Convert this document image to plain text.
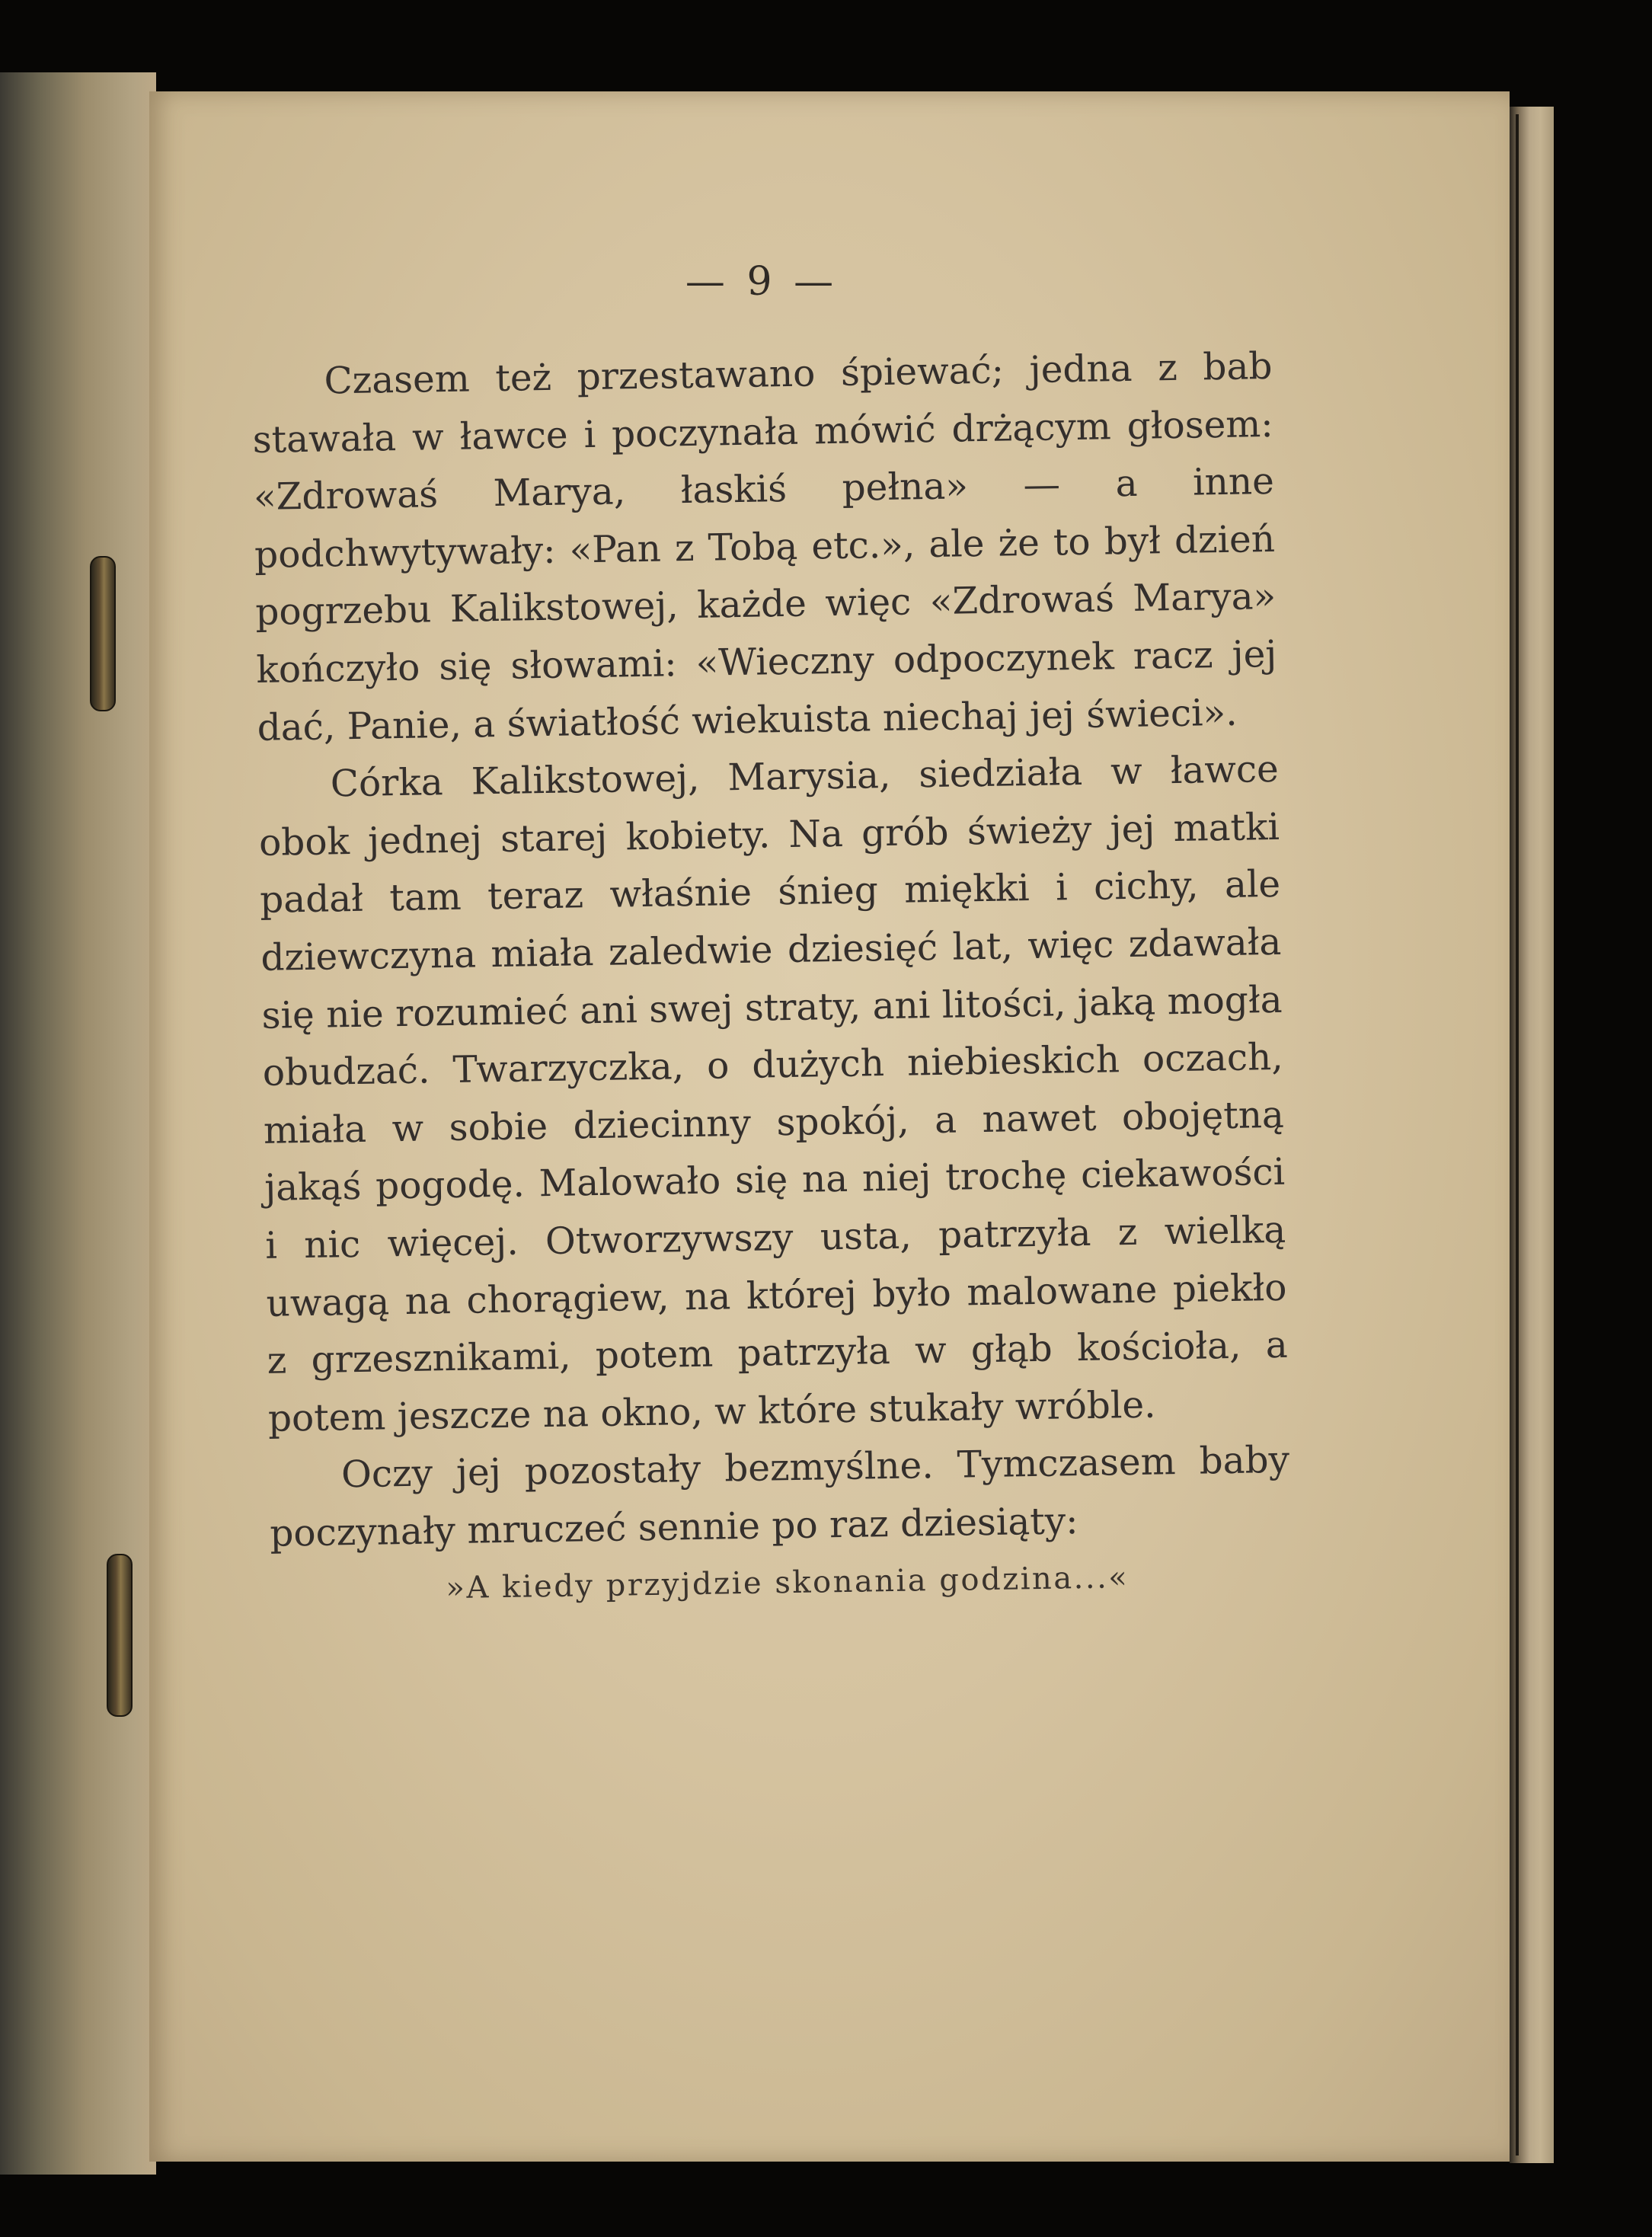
— 9 —

Czasem też przestawano śpiewać; jedna z bab stawała w ławce i poczynała mówić drżącym głosem: «Zdrowaś Marya, łaskiś pełna» — a inne podchwytywały: «Pan z Tobą etc.», ale że to był dzień pogrzebu Kalikstowej, każde więc «Zdrowaś Marya» kończyło się słowami: «Wieczny odpoczynek racz jej dać, Panie, a światłość wiekuista niechaj jej świeci».

Córka Kalikstowej, Marysia, siedziała w ławce obok jednej starej kobiety. Na grób świeży jej matki padał tam teraz właśnie śnieg miękki i cichy, ale dziewczyna miała zaledwie dziesięć lat, więc zdawała się nie rozumieć ani swej straty, ani litości, jaką mogła obudzać. Twarzyczka, o dużych niebieskich oczach, miała w sobie dziecinny spokój, a nawet obojętną jakąś pogodę. Malowało się na niej trochę ciekawości i nic więcej. Otworzywszy usta, patrzyła z wielką uwagą na chorągiew, na której było malowane piekło z grzesznikami, potem patrzyła w głąb kościoła, a potem jeszcze na okno, w które stukały wróble.

Oczy jej pozostały bezmyślne. Tymczasem baby poczynały mruczeć sennie po raz dziesiąty:

»A kiedy przyjdzie skonania godzina...«
